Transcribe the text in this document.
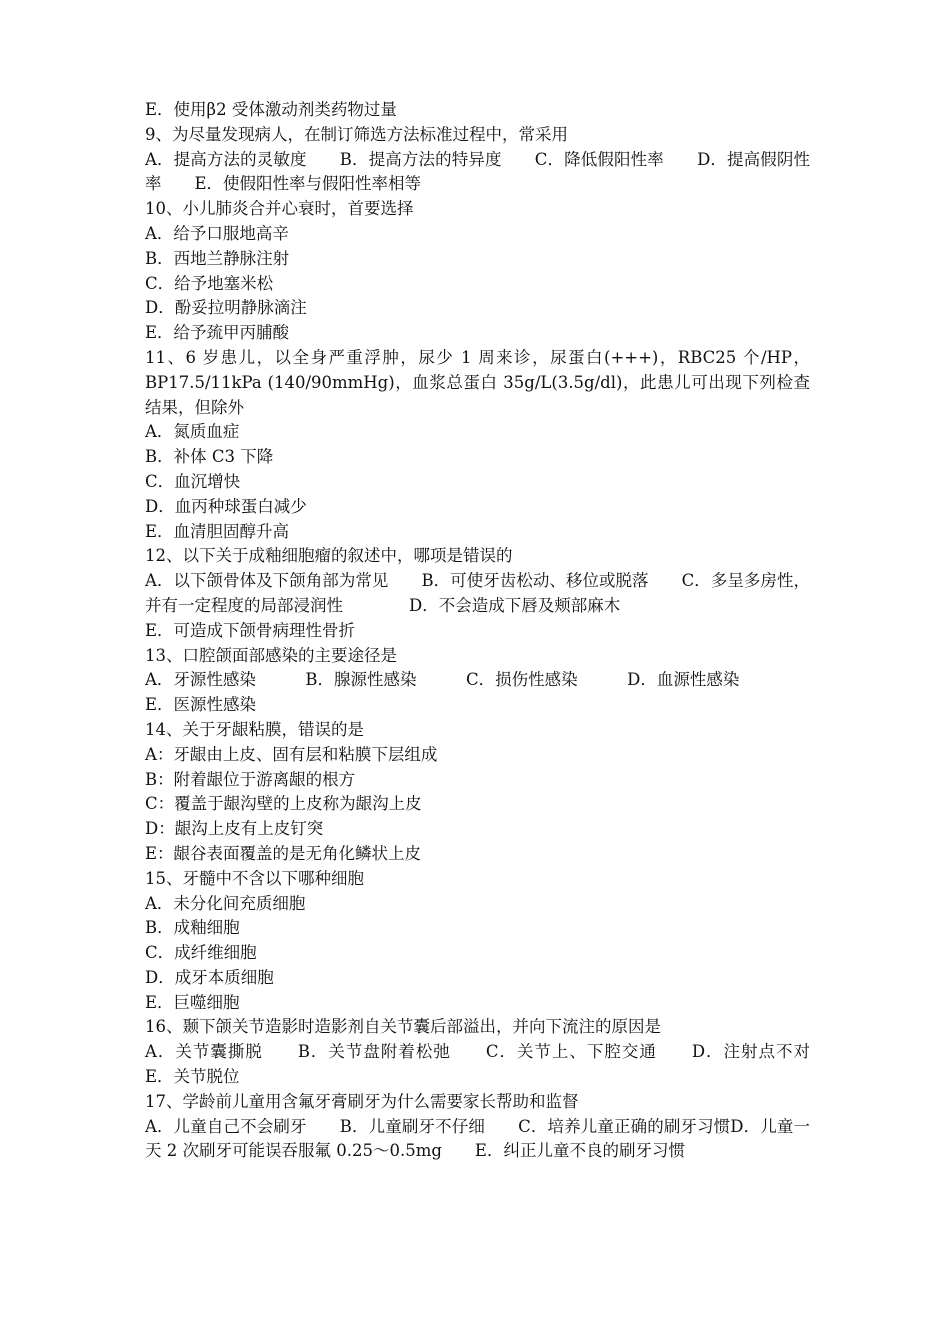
E．使用β2 受体激动剂类药物过量

9、为尽量发现病人，在制订筛选方法标准过程中，常采用

A．提高方法的灵敏度　　B．提高方法的特异度　　C．降低假阳性率　　D．提高假阴性率　　E．使假阳性率与假阳性率相等

10、小儿肺炎合并心衰时，首要选择

A．给予口服地高辛

B．西地兰静脉注射

C．给予地塞米松

D．酚妥拉明静脉滴注

E．给予巯甲丙脯酸

11、6 岁患儿，以全身严重浮肿，尿少 1 周来诊，尿蛋白(+++)，RBC25 个/HP，BP17.5/11kPa (140/90mmHg)，血浆总蛋白 35g/L(3.5g/dl)，此患儿可出现下列检查结果，但除外

A．氮质血症

B．补体 C3 下降

C．血沉增快

D．血丙种球蛋白减少

E．血清胆固醇升高

12、以下关于成釉细胞瘤的叙述中，哪项是错误的

A．以下颌骨体及下颌角部为常见　　B．可使牙齿松动、移位或脱落　　C．多呈多房性，并有一定程度的局部浸润性　　　　D．不会造成下唇及颊部麻木

E．可造成下颌骨病理性骨折

13、口腔颌面部感染的主要途径是

A．牙源性感染　　　B．腺源性感染　　　C．损伤性感染　　　D．血源性感染

E．医源性感染

14、关于牙龈粘膜，错误的是

A：牙龈由上皮、固有层和粘膜下层组成

B：附着龈位于游离龈的根方

C：覆盖于龈沟壁的上皮称为龈沟上皮

D：龈沟上皮有上皮钉突

E：龈谷表面覆盖的是无角化鳞状上皮

15、牙髓中不含以下哪种细胞

A．未分化间充质细胞

B．成釉细胞

C．成纤维细胞

D．成牙本质细胞

E．巨噬细胞

16、颞下颌关节造影时造影剂自关节囊后部溢出，并向下流注的原因是

A．关节囊撕脱　　B．关节盘附着松弛　　C．关节上、下腔交通　　D．注射点不对　　E．关节脱位

17、学龄前儿童用含氟牙膏刷牙为什么需要家长帮助和监督

A．儿童自己不会刷牙　　B．儿童刷牙不仔细　　C．培养儿童正确的刷牙习惯D．儿童一天 2 次刷牙可能误吞服氟 0.25～0.5mg　　E．纠正儿童不良的刷牙习惯
